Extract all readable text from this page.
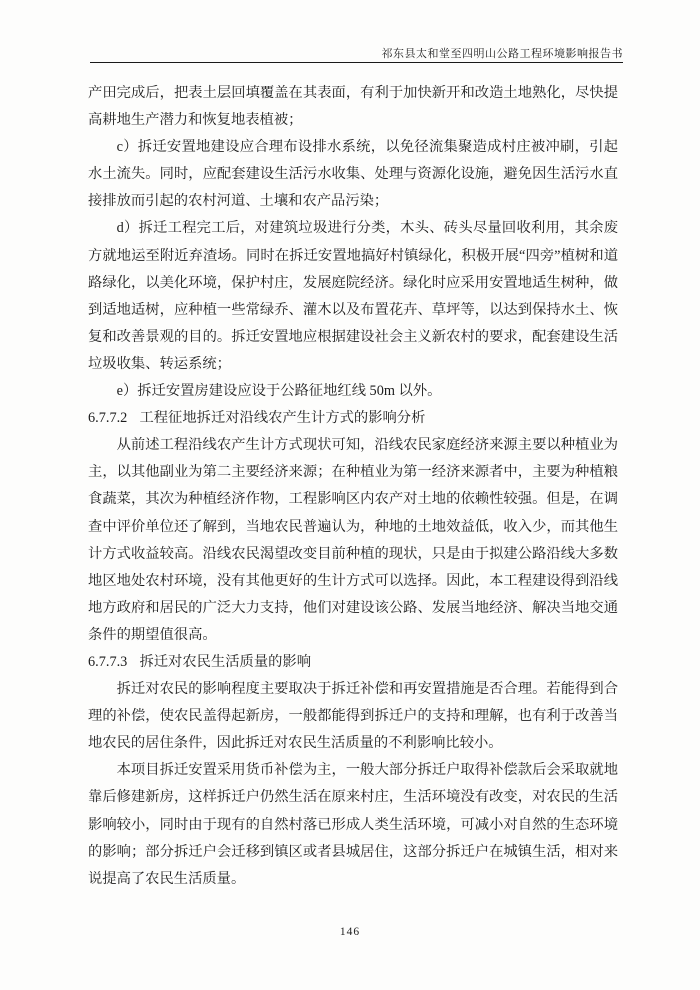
祁东县太和堂至四明山公路工程环境影响报告书

产田完成后，把表土层回填覆盖在其表面，有利于加快新开和改造土地熟化，尽快提高耕地生产潜力和恢复地表植被；

c）拆迁安置地建设应合理布设排水系统，以免径流集聚造成村庄被冲刷，引起水土流失。同时，应配套建设生活污水收集、处理与资源化设施，避免因生活污水直接排放而引起的农村河道、土壤和农产品污染；

d）拆迁工程完工后，对建筑垃圾进行分类，木头、砖头尽量回收利用，其余废方就地运至附近弃渣场。同时在拆迁安置地搞好村镇绿化，积极开展“四旁”植树和道路绿化，以美化环境，保护村庄，发展庭院经济。绿化时应采用安置地适生树种，做到适地适树，应种植一些常绿乔、灌木以及布置花卉、草坪等，以达到保持水土、恢复和改善景观的目的。拆迁安置地应根据建设社会主义新农村的要求，配套建设生活垃圾收集、转运系统；

e）拆迁安置房建设应设于公路征地红线 50m 以外。

6.7.7.2 工程征地拆迁对沿线农产生计方式的影响分析

从前述工程沿线农产生计方式现状可知，沿线农民家庭经济来源主要以种植业为主，以其他副业为第二主要经济来源；在种植业为第一经济来源者中，主要为种植粮食蔬菜，其次为种植经济作物，工程影响区内农产对土地的依赖性较强。但是，在调查中评价单位还了解到，当地农民普遍认为，种地的土地效益低，收入少，而其他生计方式收益较高。沿线农民渴望改变目前种植的现状，只是由于拟建公路沿线大多数地区地处农村环境，没有其他更好的生计方式可以选择。因此，本工程建设得到沿线地方政府和居民的广泛大力支持，他们对建设该公路、发展当地经济、解决当地交通条件的期望值很高。

6.7.7.3 拆迁对农民生活质量的影响

拆迁对农民的影响程度主要取决于拆迁补偿和再安置措施是否合理。若能得到合理的补偿，使农民盖得起新房，一般都能得到拆迁户的支持和理解，也有利于改善当地农民的居住条件，因此拆迁对农民生活质量的不利影响比较小。

本项目拆迁安置采用货币补偿为主，一般大部分拆迁户取得补偿款后会采取就地靠后修建新房，这样拆迁户仍然生活在原来村庄，生活环境没有改变，对农民的生活影响较小，同时由于现有的自然村落已形成人类生活环境，可减小对自然的生态环境的影响；部分拆迁户会迁移到镇区或者县城居住，这部分拆迁户在城镇生活，相对来说提高了农民生活质量。

146
